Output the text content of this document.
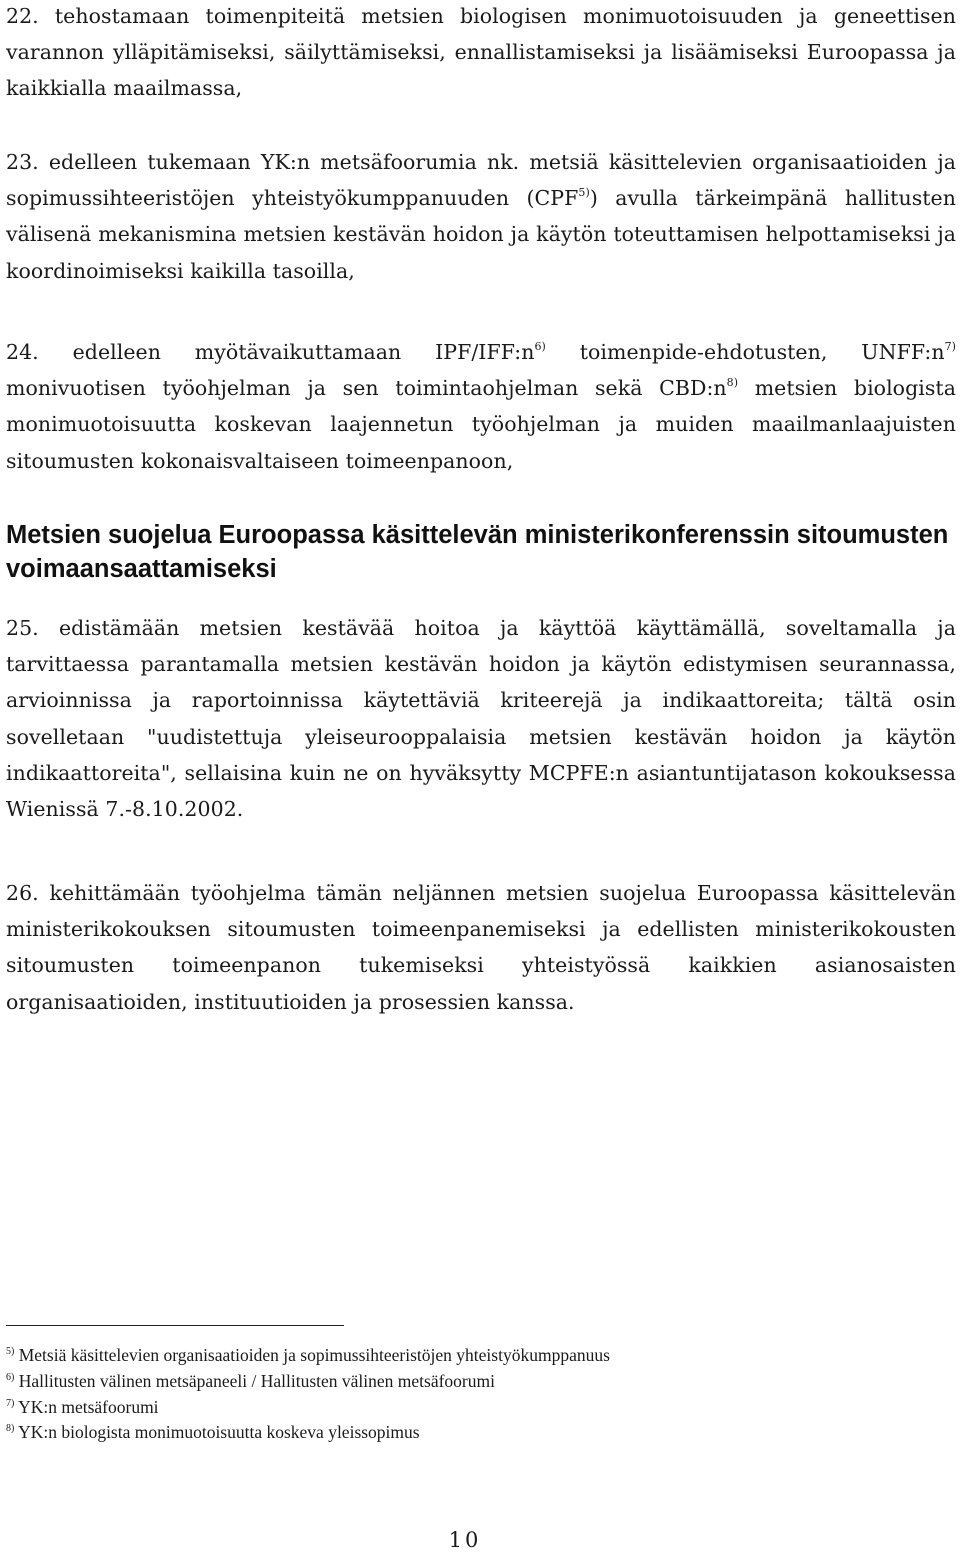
22. tehostamaan toimenpiteitä metsien biologisen monimuotoisuuden ja geneettisen varannon ylläpitämiseksi, säilyttämiseksi, ennallistamiseksi ja lisäämiseksi Euroopassa ja kaikkialla maailmassa,

23. edelleen tukemaan YK:n metsäfoorumia nk. metsiä käsittelevien organisaatioiden ja sopimussihteeristöjen yhteistyökumppanuuden (CPF$^{5)}$) avulla tärkeimpänä hallitusten välisenä mekanismina metsien kestävän hoidon ja käytön toteuttamisen helpottamiseksi ja koordinoimiseksi kaikilla tasoilla,

24. edelleen myötävaikuttamaan IPF/$IFF:n^{6)}$ toimenpide-ehdotusten, $UNFF:n^{7)}$ monivuotisen työohjelman ja sen toimintaohjelman sekä $CBD:n^{8)}$ metsien biologista monimuotoisuutta koskevan laajennetun työohjelman ja muiden maailmanlaajuisten sitoumusten kokonaisvaltaiseen toimeenpanoon,

Metsien suojelua Euroopassa käsittelevän ministerikonferenssin sitoumusten voimaansaattamiseksi

25. edistämään metsien kestävää hoitoa ja käyttöä käyttämällä, soveltamalla ja tarvittaessa parantamalla metsien kestävän hoidon ja käytön edistymisen seurannassa, arvioinnissa ja raportoinnissa käytettäviä kriteerejä ja indikaattoreita; tältä osin sovelletaan "uudistettuja yleiseurooppalaisia metsien kestävän hoidon ja käytön indikaattoreita", sellaisina kuin ne on hyväksytty MCPFE:n asiantuntijatason kokouksessa Wienissä 7.-8.10.2002.

26. kehittämään työohjelma tämän neljännen metsien suojelua Euroopassa käsittelevän ministerikokouksen sitoumusten toimeenpanemiseksi ja edellisten ministerikokousten sitoumusten toimeenpanon tukemiseksi yhteistyössä kaikkien asianosaisten organisaatioiden, instituutioiden ja prosessien kanssa.

$^{5)}$ Metsiä käsittelevien organisaatioiden ja sopimussihteeristöjen yhteistyökumppanuus
$^{6)}$ Hallitusten välinen metsäpaneeli / Hallitusten välinen metsäfoorumi
$^{7)}$ YK:n metsäfoorumi
$^{8)}$ YK:n biologista monimuotoisuutta koskeva yleissopimus
10
